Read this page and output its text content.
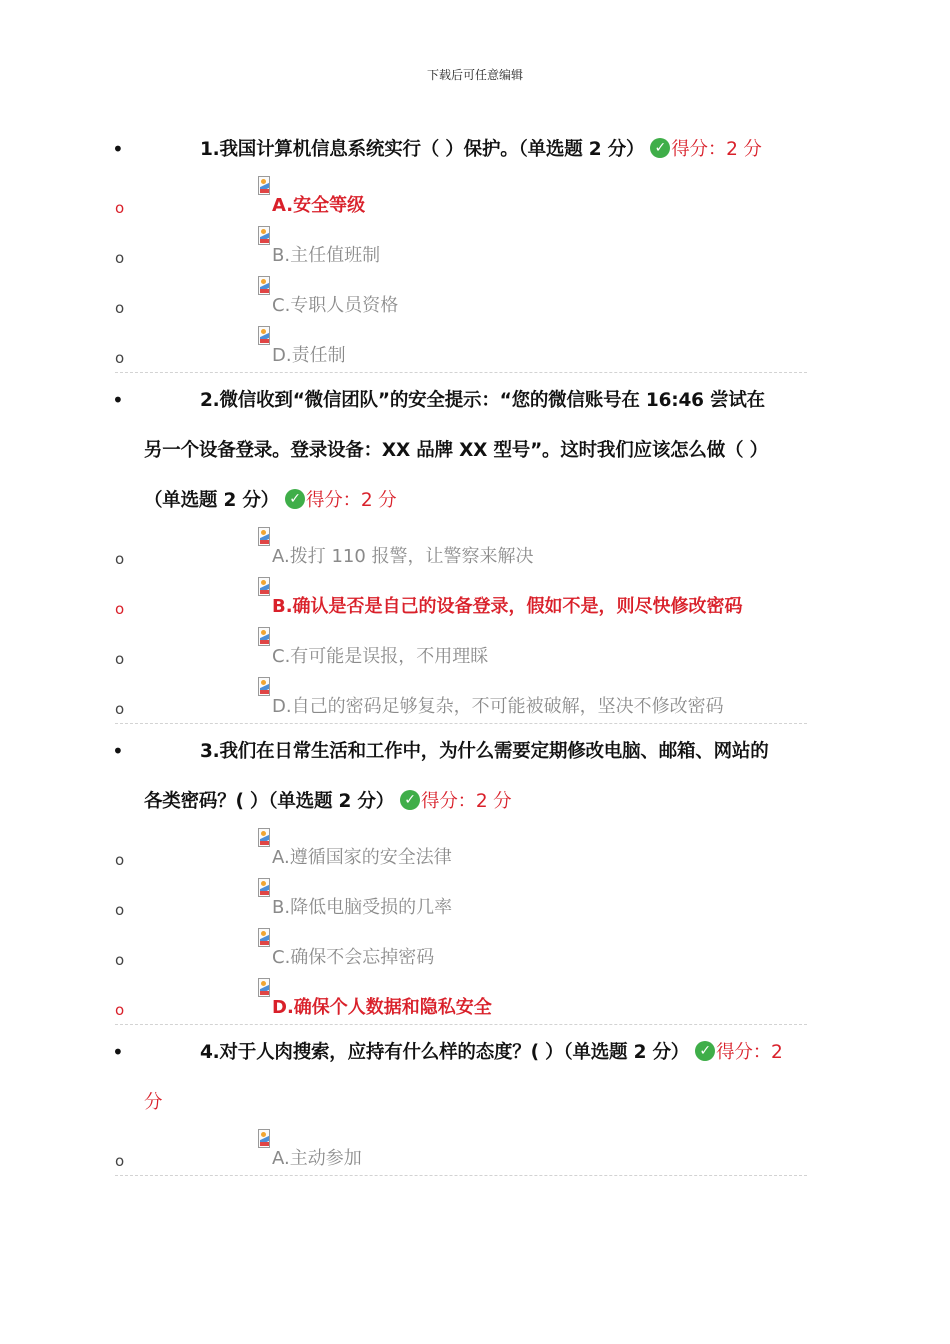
下载后可任意编辑
•	1.我国计算机信息系统实行（ ）保护。（单选题 2 分） ✓ 得分：2 分
o	A.安全等级
o	B.主任值班制
o	C.专职人员资格
o	D.责任制
•	2.微信收到“微信团队”的安全提示：“您的微信账号在 16:46 尝试在
另一个设备登录。登录设备：XX 品牌 XX 型号”。这时我们应该怎么做（ ）
（单选题 2 分） ✓ 得分：2 分
o	A.拨打 110 报警，让警察来解决
o	B.确认是否是自己的设备登录，假如不是，则尽快修改密码
o	C.有可能是误报，不用理睬
o	D.自己的密码足够复杂，不可能被破解，坚决不修改密码
•	3.我们在日常生活和工作中，为什么需要定期修改电脑、邮箱、网站的
各类密码？( ）（单选题 2 分） ✓ 得分：2 分
o	A.遵循国家的安全法律
o	B.降低电脑受损的几率
o	C.确保不会忘掉密码
o	D.确保个人数据和隐私安全
•	4.对于人肉搜索，应持有什么样的态度？( ）（单选题 2 分） ✓ 得分：2
分
o	A.主动参加
